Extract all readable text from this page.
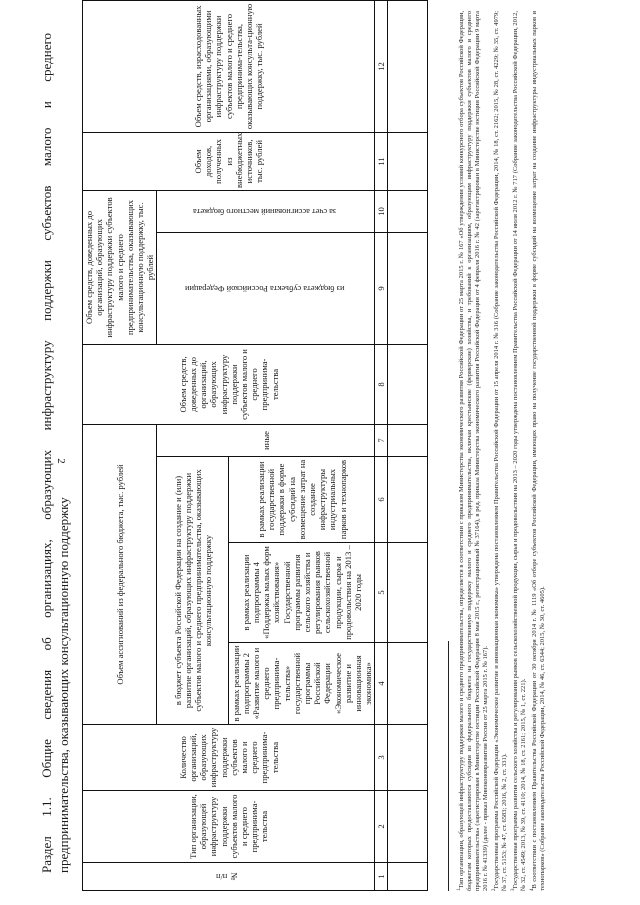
2
Раздел 1.1. Общие сведения об организациях, образующих инфраструктуру поддержки субъектов малого и среднего предпринимательства, оказывающих консультационную поддержку
№ п/п	Тип организации, образующей инфраструктуру поддержки субъектов малого и среднего предпринима-тельства	Количество организаций, образующих инфраструктуру поддержки субъектов малого и среднего предпринима-тельства	Объем ассигнований из федерального бюджета, тыс. рублей				Объем средств, доведенных до организаций, образующих инфраструктуру поддержки субъектов малого и среднего предпринима-тельства	Объем средств, доведенных до организаций, образующих инфраструктуру поддержки субъектов малого и среднего предпринимательства, оказывающих консультационную поддержку, тыс. рублей		Объем доходов, полученных из внебюджетных источников, тыс. рублей	Объем средств, израсходованных организациями, образующими инфраструктуру поддержки субъектов малого и среднего предпринима-тельства, оказывающих консульта-ционную поддержку, тыс. рублей
			в бюджет субъекта Российской Федерации на создание и (или) развитие организаций, образующих инфраструктуру поддержки субъектов малого и среднего предпринимательства, оказывающих консультационную поддержку			иные		из бюджета субъекта Российской Федерации	за счет ассигнований местного бюджета		
			в рамках реализации подпрограммы 2 «Развитие малого и среднего предпринима-тельства» государственной программы Российской Федерации «Экономическое развитие и инновационная экономика»	в рамках реализации подпрограммы 4 «Поддержка малых форм хозяйствования» Государственной программы развития сельского хозяйства и регулирования рынков сельскохозяйственной продукции, сырья и продовольствия на 2013 – 2020 годы	в рамках реализации государственной поддержки в форме субсидий на возмещение затрат на создание инфраструктуры индустриальных парков и технопарков						
1	2	3	4	5	6	7	8	9	10	11	12

$^1$Тип организации, образующей инфраструктуру поддержки малого и среднего предпринимательства, определяется в соответствии с приказом Министерства экономического развития Российской Федерации от 25 марта 2015 г. № 167 «Об утверждении условий конкурсного отбора субъектов Российской Федерации, бюджетам которых предоставляются субсидии из федерального бюджета на государственную поддержку малого и среднего предпринимательства, включая крестьянские (фермерские) хозяйства, и требований к организациям, образующим инфраструктуру поддержки субъектов малого и среднего предпринимательства» (зарегистрирован в Министерстве юстиции Российской Федерации 8 мая 2015 г., регистрационный № 37164), в ред. приказа Министерства экономического развития Российской Федерации от 4 февраля 2016 г. № 42 (зарегистрирован в Министерстве юстиции Российской Федерации 9 марта 2016 г. № 41339) (далее - приказ Минэкономразвития России от 25 марта 2015 г. № 167). $^2$Государственная программа Российской Федерации «Экономическое развитие и инновационная экономика» утверждена постановлением Правительства Российской Федерации от 15 апреля 2014 г. № 316 (Собрание законодательства Российской Федерации, 2014, № 18, ст. 2162; 2015, № 28, ст. 4229; № 35, ст. 4979; № 37, ст. 5153; № 47, ст. 6583; 2016, № 2, ст. 331). $^3$Государственная программа развития сельского хозяйства и регулирования рынков сельскохозяйственной продукции, сырья и продовольствия на 2013 – 2020 годы утверждена постановлением Правительства Российской Федерации от 14 июля 2012 г. № 717 (Собрание законодательства Российской Федерации, 2012, № 32, ст. 4549; 2013, № 39, ст. 4110; 2014, № 18, ст. 2161; 2015, № 1, ст. 221). $^4$В соответствии с постановлением Правительства Российской Федерации от 30 октября 2014 г. № 1119 «Об отборе субъектов Российской Федерации, имеющих право на получение государственной поддержки в форме субсидий на возмещение затрат на создание инфраструктуры индустриальных парков и технопарков» (Собрание законодательства Российской Федерации, 2014, № 46, ст. 6344; 2015, № 30, ст. 4605).
